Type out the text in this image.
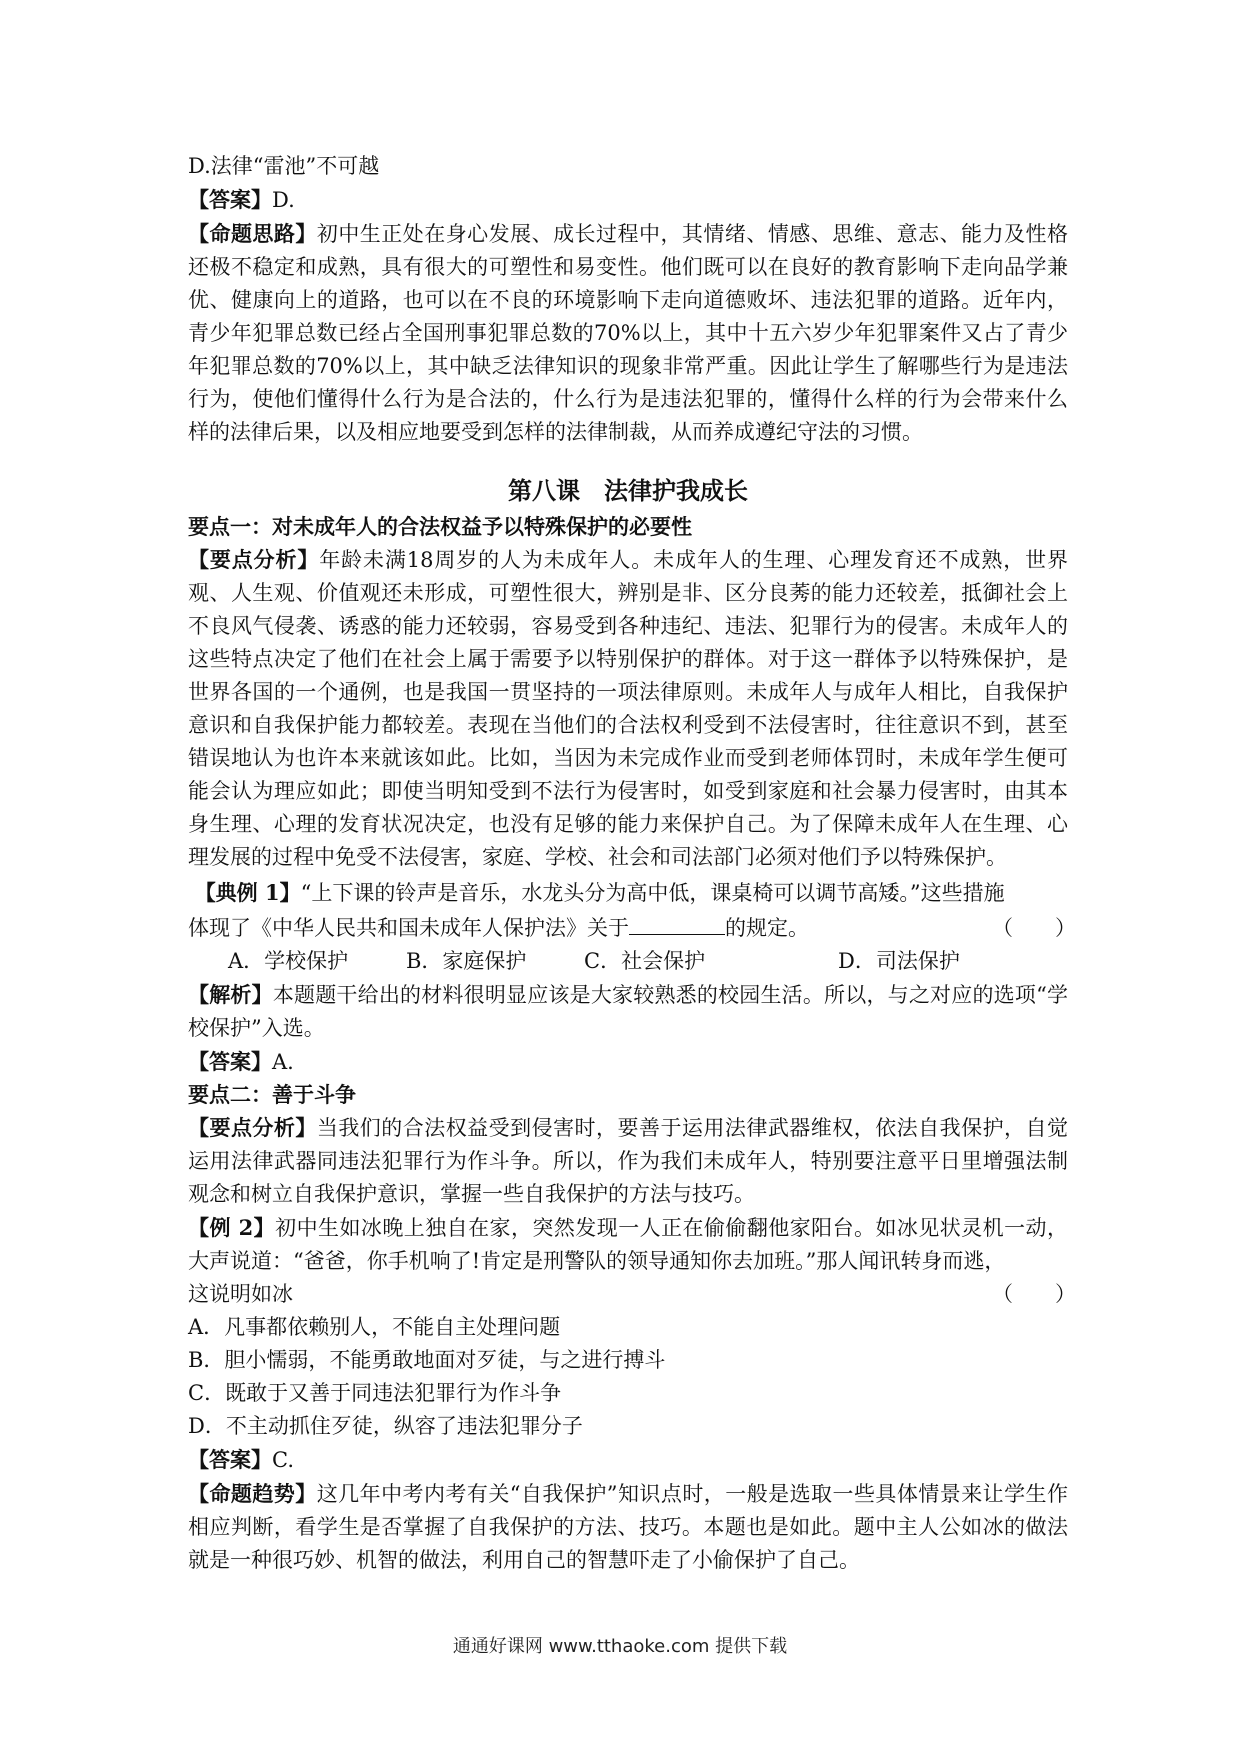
D.法律“雷池”不可越

【答案】D.

【命题思路】初中生正处在身心发展、成长过程中，其情绪、情感、思维、意志、能力及性格还极不稳定和成熟，具有很大的可塑性和易变性。他们既可以在良好的教育影响下走向品学兼优、健康向上的道路，也可以在不良的环境影响下走向道德败坏、违法犯罪的道路。近年内，青少年犯罪总数已经占全国刑事犯罪总数的70%以上，其中十五六岁少年犯罪案件又占了青少年犯罪总数的70%以上，其中缺乏法律知识的现象非常严重。因此让学生了解哪些行为是违法行为，使他们懂得什么行为是合法的，什么行为是违法犯罪的，懂得什么样的行为会带来什么样的法律后果，以及相应地要受到怎样的法律制裁，从而养成遵纪守法的习惯。

第八课　法律护我成长
要点一：对未成年人的合法权益予以特殊保护的必要性

【要点分析】年龄未满18周岁的人为未成年人。未成年人的生理、心理发育还不成熟，世界观、人生观、价值观还未形成，可塑性很大，辨别是非、区分良莠的能力还较差，抵御社会上不良风气侵袭、诱惑的能力还较弱，容易受到各种违纪、违法、犯罪行为的侵害。未成年人的这些特点决定了他们在社会上属于需要予以特别保护的群体。对于这一群体予以特殊保护，是世界各国的一个通例，也是我国一贯坚持的一项法律原则。未成年人与成年人相比，自我保护意识和自我保护能力都较差。表现在当他们的合法权利受到不法侵害时，往往意识不到，甚至错误地认为也许本来就该如此。比如，当因为未完成作业而受到老师体罚时，未成年学生便可能会认为理应如此；即使当明知受到不法行为侵害时，如受到家庭和社会暴力侵害时，由其本身生理、心理的发育状况决定，也没有足够的能力来保护自己。为了保障未成年人在生理、心理发展的过程中免受不法侵害，家庭、学校、社会和司法部门必须对他们予以特殊保护。

【典例 1】“上下课的铃声是音乐，水龙头分为高中低，课桌椅可以调节高矮。”这些措施

体现了《中华人民共和国未成年人保护法》关于	的规定。	（　　）
A．学校保护	B．家庭保护	C．社会保护	D．司法保护

【解析】本题题干给出的材料很明显应该是大家较熟悉的校园生活。所以，与之对应的选项“学校保护”入选。

【答案】A.

要点二：善于斗争

【要点分析】当我们的合法权益受到侵害时，要善于运用法律武器维权，依法自我保护，自觉运用法律武器同违法犯罪行为作斗争。所以，作为我们未成年人，特别要注意平日里增强法制观念和树立自我保护意识，掌握一些自我保护的方法与技巧。

【例 2】初中生如冰晚上独自在家，突然发现一人正在偷偷翻他家阳台。如冰见状灵机一动，大声说道：“爸爸，你手机响了!肯定是刑警队的领导通知你去加班。”那人闻讯转身而逃，

这说明如冰	（　　）

A．凡事都依赖别人，不能自主处理问题

B．胆小懦弱，不能勇敢地面对歹徒，与之进行搏斗

C．既敢于又善于同违法犯罪行为作斗争

D．不主动抓住歹徒，纵容了违法犯罪分子

【答案】C.

【命题趋势】这几年中考内考有关“自我保护”知识点时，一般是选取一些具体情景来让学生作相应判断，看学生是否掌握了自我保护的方法、技巧。本题也是如此。题中主人公如冰的做法就是一种很巧妙、机智的做法，利用自己的智慧吓走了小偷保护了自己。

通通好课网 www.tthaoke.com 提供下载
